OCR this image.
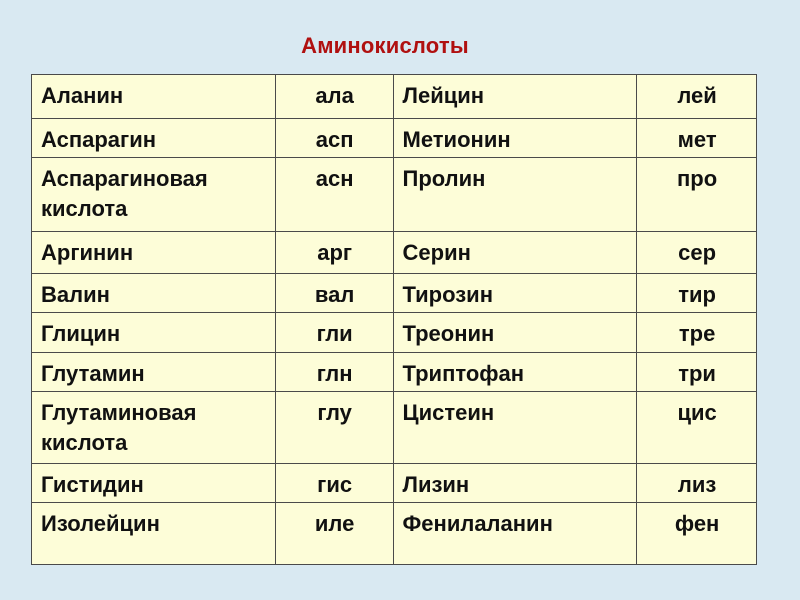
Аминокислоты
Аланин	ала	Лейцин	лей
Аспарагин	асп	Метионин	мет
Аспарагиновая кислота	асн	Пролин	про
Аргинин	арг	Серин	сер
Валин	вал	Тирозин	тир
Глицин	гли	Треонин	тре
Глутамин	глн	Триптофан	три
Глутаминовая кислота	глу	Цистеин	цис
Гистидин	гис	Лизин	лиз
Изолейцин	иле	Фенилаланин	фен
